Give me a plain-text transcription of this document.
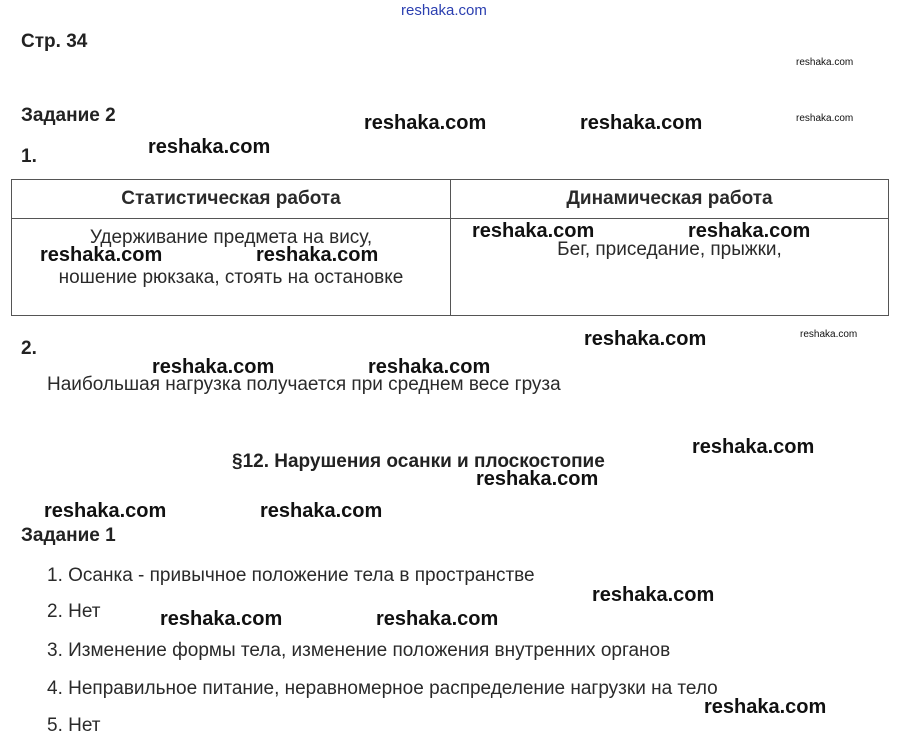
reshaka.com
Стр. 34
Задание 2
1.
Статистическая работа	Динамическая работа

Удерживание предмета на вису,
ношение рюкзака, стоять на остановке	Бег, приседание, прыжки,
2.
Наибольшая нагрузка получается при среднем весе груза
§12. Нарушения осанки и плоскостопие
Задание 1
1. Осанка - привычное положение тела в пространстве
2. Нет
3. Изменение формы тела, изменение положения внутренних органов
4. Неправильное питание, неравномерное распределение нагрузки на тело
5. Нет
reshaka.com
reshaka.com
reshaka.com
reshaka.com	reshaka.com
reshaka.com
reshaka.com	reshaka.com
reshaka.com	reshaka.com
reshaka.com
reshaka.com	reshaka.com
reshaka.com
reshaka.com
reshaka.com	reshaka.com
reshaka.com
reshaka.com	reshaka.com
reshaka.com
